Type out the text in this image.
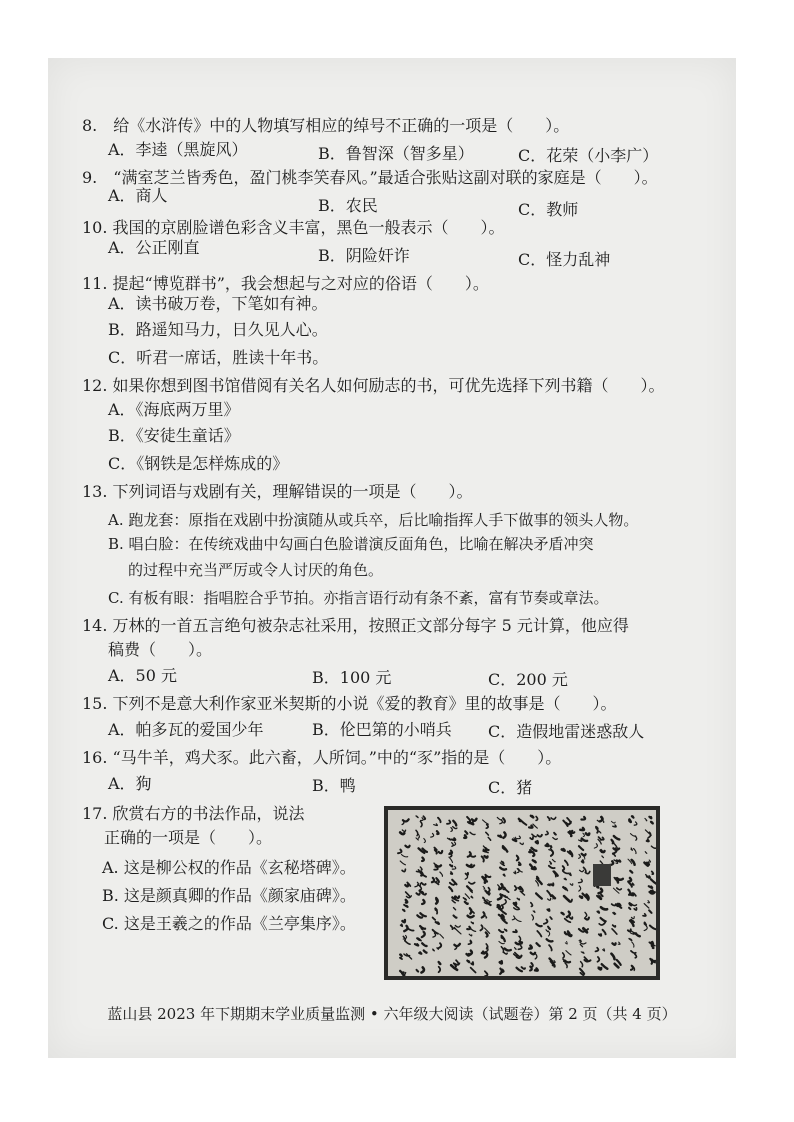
8.　给《水浒传》中的人物填写相应的绰号不正确的一项是（　　）。
A．李逵（黑旋风）	B．鲁智深（智多星）	C．花荣（小李广）
9.　“满室芝兰皆秀色，盈门桃李笑春风。”最适合张贴这副对联的家庭是（　　）。
A．商人
B．农民	C．教师
10. 我国的京剧脸谱色彩含义丰富，黑色一般表示（　　）。
A．公正刚直	B．阴险奸诈	C．怪力乱神
11. 提起“博览群书”，我会想起与之对应的俗语（　　）。
A．读书破万卷，下笔如有神。
B．路遥知马力，日久见人心。
C．听君一席话，胜读十年书。
12. 如果你想到图书馆借阅有关名人如何励志的书，可优先选择下列书籍（　　）。
A．《海底两万里》
B．《安徒生童话》
C．《钢铁是怎样炼成的》
13. 下列词语与戏剧有关，理解错误的一项是（　　）。
A. 跑龙套：原指在戏剧中扮演随从或兵卒，后比喻指挥人手下做事的领头人物。
B. 唱白脸：在传统戏曲中勾画白色脸谱演反面角色，比喻在解决矛盾冲突
的过程中充当严厉或令人讨厌的角色。
C. 有板有眼：指唱腔合乎节拍。亦指言语行动有条不紊，富有节奏或章法。
14. 万林的一首五言绝句被杂志社采用，按照正文部分每字 5 元计算，他应得
稿费（　　）。
A．50 元	B．100 元	C．200 元
15. 下列不是意大利作家亚米契斯的小说《爱的教育》里的故事是（　　）。
A．帕多瓦的爱国少年	B．伦巴第的小哨兵 C．造假地雷迷惑敌人
16. “马牛羊，鸡犬豕。此六畜，人所饲。”中的“豕”指的是（　　）。
A．狗	B．鸭	C．猪
17. 欣赏右方的书法作品，说法
正确的一项是（　　）。
A. 这是柳公权的作品《玄秘塔碑》。
B. 这是颜真卿的作品《颜家庙碑》。
C. 这是王羲之的作品《兰亭集序》。
蓝山县 2023 年下期期末学业质量监测 • 六年级大阅读（试题卷）第 2 页（共 4 页）
